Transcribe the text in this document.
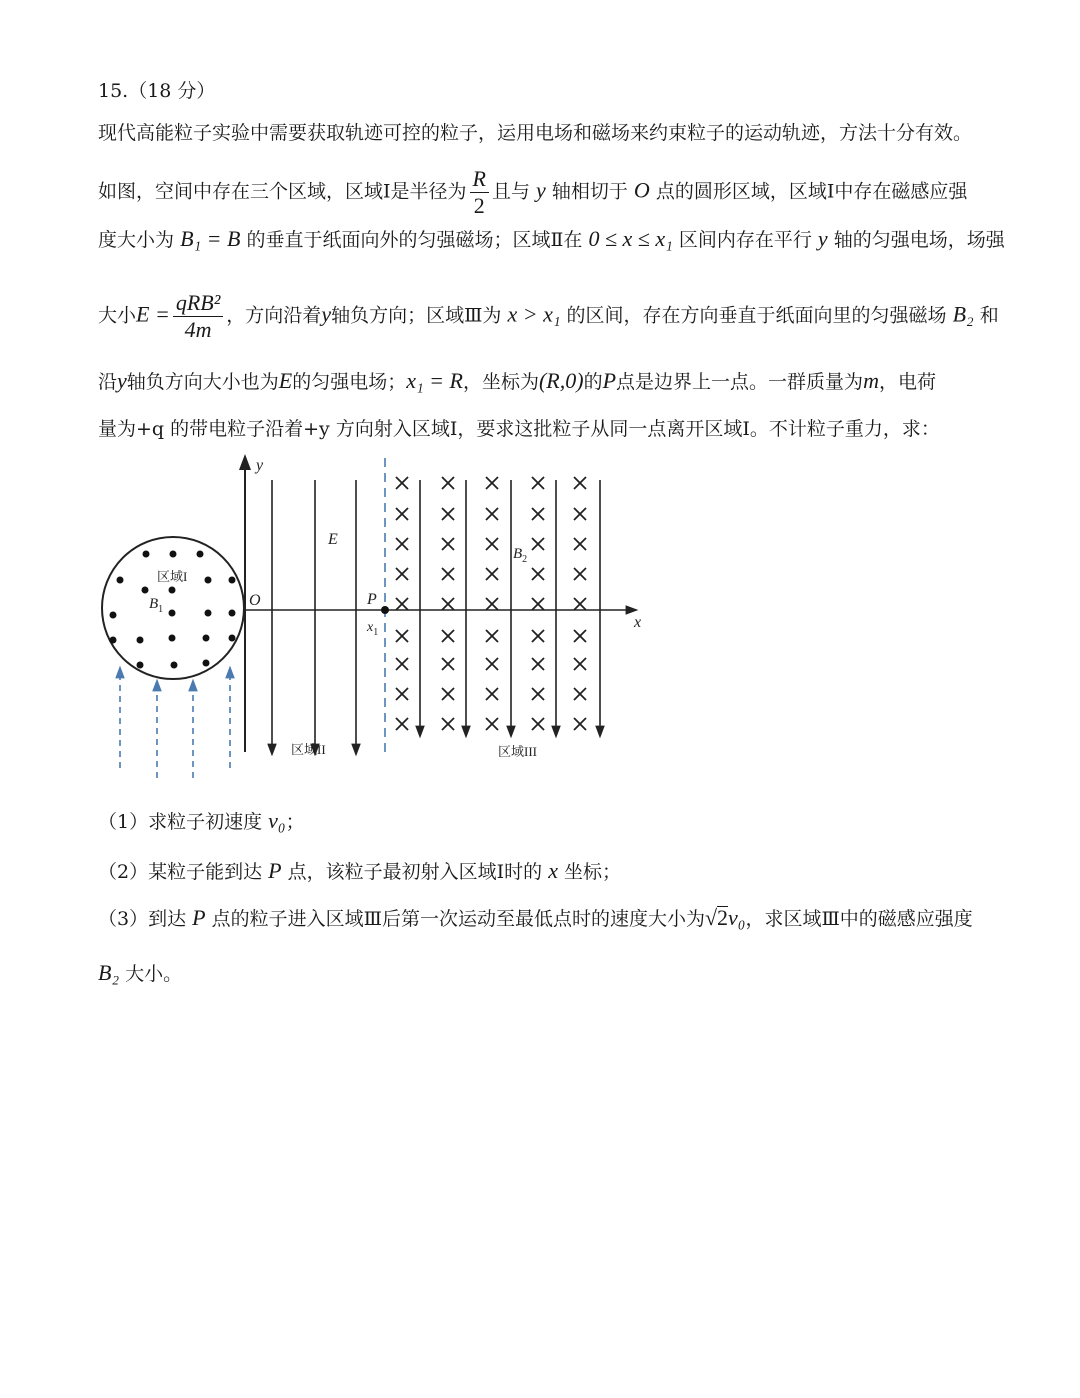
15.（18 分）
现代高能粒子实验中需要获取轨迹可控的粒子，运用电场和磁场来约束粒子的运动轨迹，方法十分有效。
如图，空间中存在三个区域，区域Ⅰ是半径为 $\frac{R}{2}$ 且与 y 轴相切于 O 点的圆形区域，区域Ⅰ中存在磁感应强
度大小为 B₁ = B 的垂直于纸面向外的匀强磁场；区域Ⅱ在 0 ≤ x ≤ x₁ 区间内存在平行 y 轴的匀强电场，场强
大小$E = \frac{\text{qRB²}}{4m}$ ，方向沿着y轴负方向；区域Ⅲ为 x > x₁ 的区间，存在方向垂直于纸面向里的匀强磁场 B₂ 和
沿y轴负方向大小也为E的匀强电场；x₁ = R，坐标为(R,0)的P点是边界上一点。一群质量为m，电荷
量为+q 的带电粒子沿着+y 方向射入区域Ⅰ，要求这批粒子从同一点离开区域Ⅰ。不计粒子重力，求：
区域I
$B_1$
y
x
O
E
P
$x_1$
$B_2$
区域II	区域III
（1）求粒子初速度 v₀；
（2）某粒子能到达 P 点，该粒子最初射入区域Ⅰ时的 x 坐标；
（3）到达 P 点的粒子进入区域Ⅲ后第一次运动至最低点时的速度大小为√2v₀，求区域Ⅲ中的磁感应强度
B₂ 大小。
